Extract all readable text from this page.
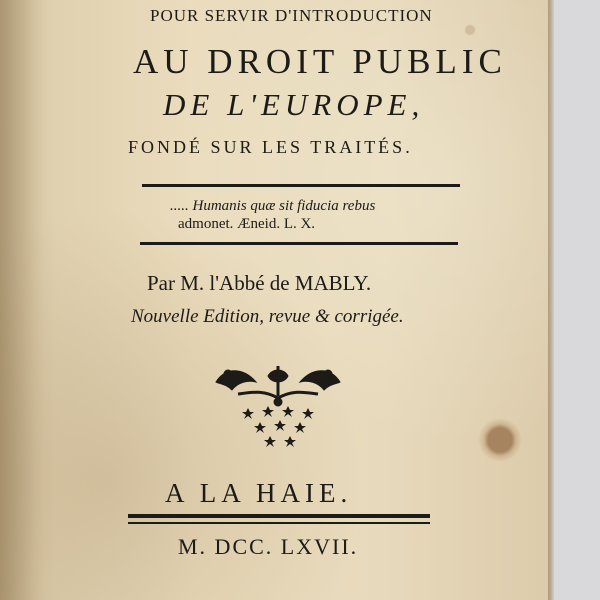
POUR SERVIR D'INTRODUCTION
AU DROIT PUBLIC
DE L'EUROPE,
FONDÉ SUR LES TRAITÉS.
..... Humanis quæ sit fiducia rebus
admonet. Æneid. L. X.
Par M. l'Abbé de MABLY.
Nouvelle Edition, revue & corrigée.
A LA HAIE.
M. DCC. LXVII.
